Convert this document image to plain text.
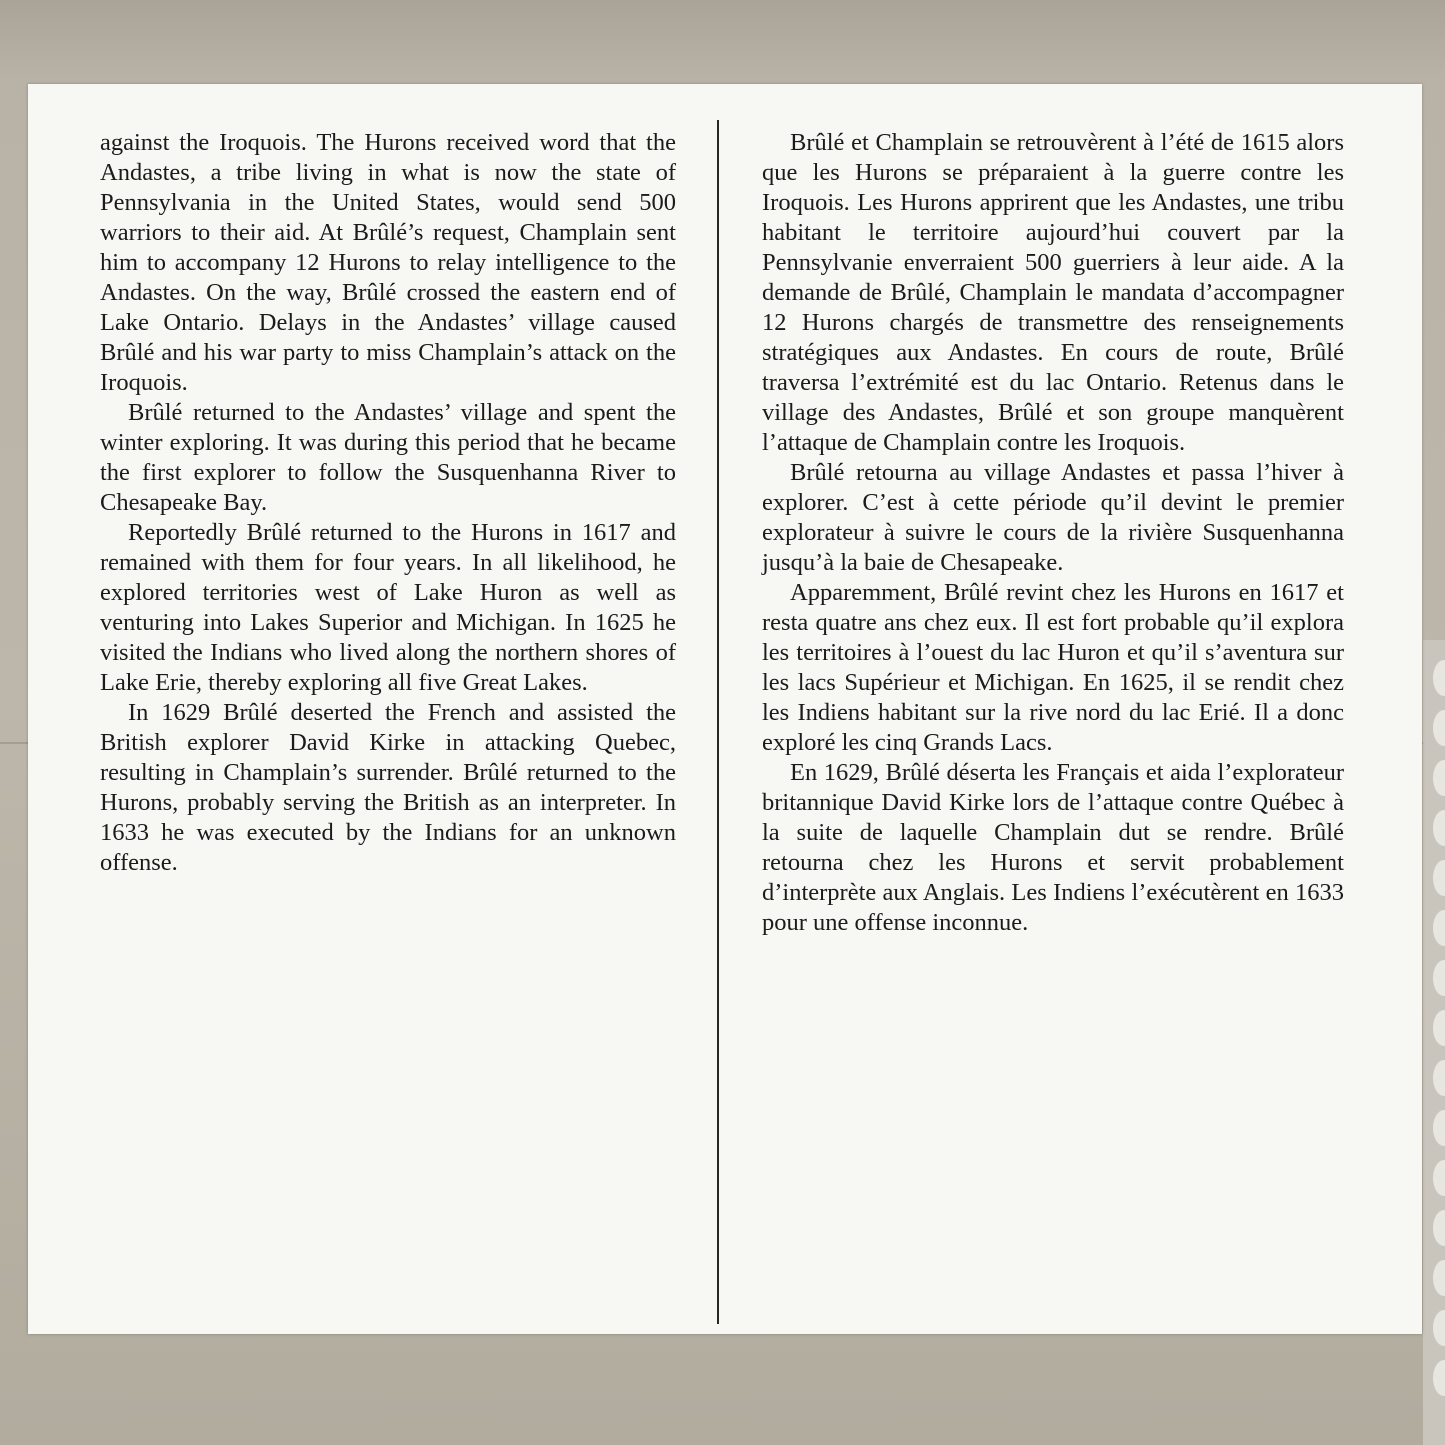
against the Iroquois. The Hurons received word that the Andastes, a tribe living in what is now the state of Pennsylvania in the United States, would send 500 warriors to their aid. At Brûlé’s request, Champlain sent him to accompany 12 Hurons to relay intelligence to the Andastes. On the way, Brûlé crossed the eastern end of Lake Ontario. Delays in the Andastes’ village caused Brûlé and his war party to miss Champlain’s attack on the Iroquois.

Brûlé returned to the Andastes’ village and spent the winter exploring. It was during this period that he became the first explorer to follow the Susquenhanna River to Chesapeake Bay.

Reportedly Brûlé returned to the Hurons in 1617 and remained with them for four years. In all likelihood, he explored territories west of Lake Huron as well as venturing into Lakes Superior and Michigan. In 1625 he visited the Indians who lived along the northern shores of Lake Erie, thereby exploring all five Great Lakes.

In 1629 Brûlé deserted the French and assisted the British explorer David Kirke in attacking Quebec, resulting in Champlain’s surrender. Brûlé returned to the Hurons, probably serving the British as an interpreter. In 1633 he was executed by the Indians for an unknown offense.

Brûlé et Champlain se retrouvèrent à l’été de 1615 alors que les Hurons se préparaient à la guerre contre les Iroquois. Les Hurons apprirent que les Andastes, une tribu habitant le territoire aujourd’hui couvert par la Pennsylvanie enverraient 500 guerriers à leur aide. A la demande de Brûlé, Champlain le mandata d’accompagner 12 Hurons chargés de transmettre des renseignements stratégiques aux Andastes. En cours de route, Brûlé traversa l’extrémité est du lac Ontario. Retenus dans le village des Andastes, Brûlé et son groupe manquèrent l’attaque de Champlain contre les Iroquois.

Brûlé retourna au village Andastes et passa l’hiver à explorer. C’est à cette période qu’il devint le premier explorateur à suivre le cours de la rivière Susquenhanna jusqu’à la baie de Chesapeake.

Apparemment, Brûlé revint chez les Hurons en 1617 et resta quatre ans chez eux. Il est fort probable qu’il explora les territoires à l’ouest du lac Huron et qu’il s’aventura sur les lacs Supérieur et Michigan. En 1625, il se rendit chez les Indiens habitant sur la rive nord du lac Erié. Il a donc exploré les cinq Grands Lacs.

En 1629, Brûlé déserta les Français et aida l’explorateur britannique David Kirke lors de l’attaque contre Québec à la suite de laquelle Champlain dut se rendre. Brûlé retourna chez les Hurons et servit probablement d’interprète aux Anglais. Les Indiens l’exécutèrent en 1633 pour une offense inconnue.
